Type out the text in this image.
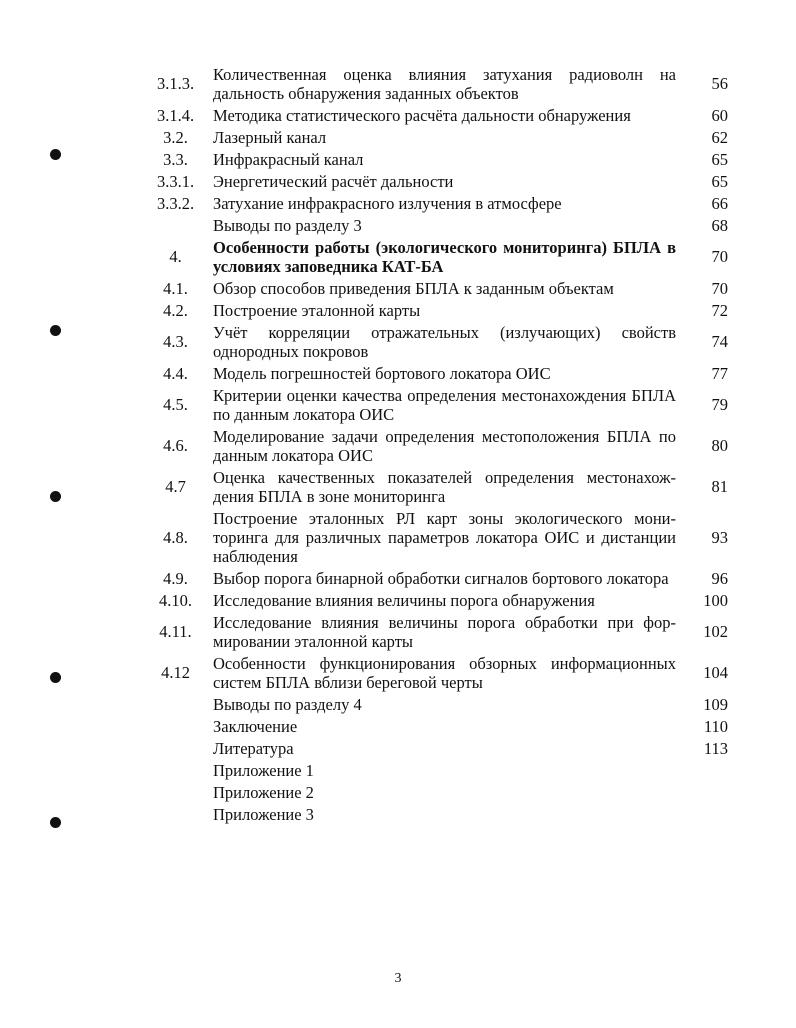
3.1.3.	Количественная оценка влияния затухания радиоволн на дальность обнаружения заданных объектов	56
3.1.4.	Методика статистического расчёта дальности обнаружения	60
3.2.	Лазерный канал	62
3.3.	Инфракрасный канал	65
3.3.1.	Энергетический расчёт дальности	65
3.3.2.	Затухание инфракрасного излучения в атмосфере	66
	Выводы по разделу 3	68
4.	Особенности работы (экологического мониторинга) БПЛА в условиях заповедника КАТ-БА	70
4.1.	Обзор способов приведения БПЛА к заданным объектам	70
4.2.	Построение эталонной карты	72
4.3.	Учёт корреляции отражательных (излучающих) свойств однородных покровов	74
4.4.	Модель погрешностей бортового локатора ОИС	77
4.5.	Критерии оценки качества определения местонахождения БПЛА по данным локатора ОИС	79
4.6.	Моделирование задачи определения местоположения БПЛА по данным локатора ОИС	80
4.7	Оценка качественных показателей определения местонахождения БПЛА в зоне мониторинга	81
4.8.	Построение эталонных РЛ карт зоны экологического мониторинга для различных параметров локатора ОИС и дистанции наблюдения	93
4.9.	Выбор порога бинарной обработки сигналов бортового локатора	96
4.10.	Исследование влияния величины порога обнаружения	100
4.11.	Исследование влияния величины порога обработки при формировании эталонной карты	102
4.12	Особенности функционирования обзорных информационных систем БПЛА вблизи береговой черты	104
	Выводы по разделу 4	109
	Заключение	110
	Литература	113
	Приложение 1	
	Приложение 2	
	Приложение 3	
3
